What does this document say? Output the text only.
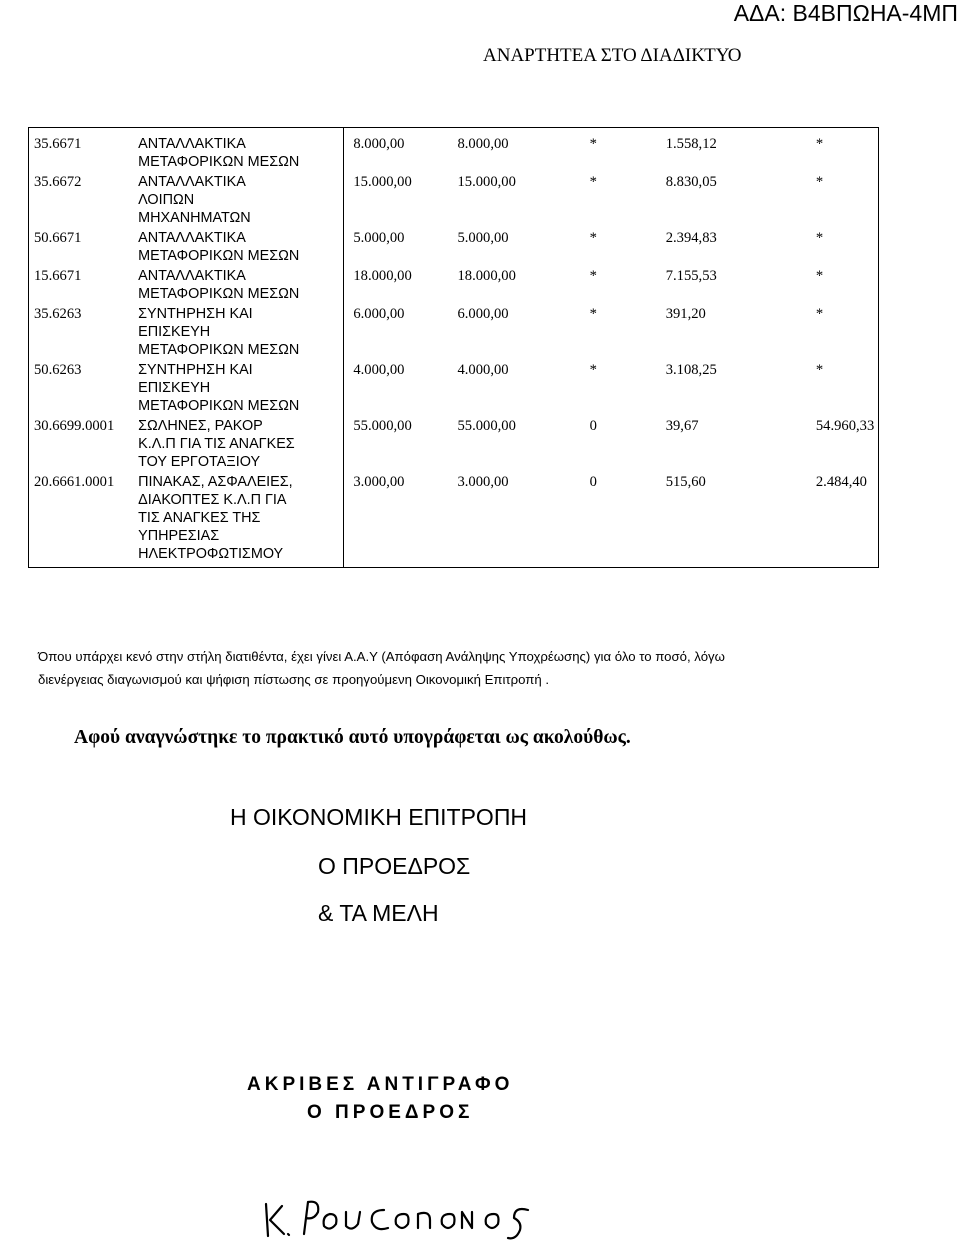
ΑΔΑ: Β4ΒΠΩΗΑ-4ΜΠ
ΑΝΑΡΤΗΤΕΑ ΣΤΟ ΔΙΑΔΙΚΤΥΟ
35.6671	ΑΝΤΑΛΛΑΚΤΙΚΑ
ΜΕΤΑΦΟΡΙΚΩΝ ΜΕΣΩΝ	8.000,00	8.000,00	*	1.558,12	*
35.6672	ΑΝΤΑΛΛΑΚΤΙΚΑ
ΛΟΙΠΩΝ
ΜΗΧΑΝΗΜΑΤΩΝ	15.000,00	15.000,00	*	8.830,05	*
50.6671	ΑΝΤΑΛΛΑΚΤΙΚΑ
ΜΕΤΑΦΟΡΙΚΩΝ ΜΕΣΩΝ	5.000,00	5.000,00	*	2.394,83	*
15.6671	ΑΝΤΑΛΛΑΚΤΙΚΑ
ΜΕΤΑΦΟΡΙΚΩΝ ΜΕΣΩΝ	18.000,00	18.000,00	*	7.155,53	*
35.6263	ΣΥΝΤΗΡΗΣΗ ΚΑΙ
ΕΠΙΣΚΕΥΗ
ΜΕΤΑΦΟΡΙΚΩΝ ΜΕΣΩΝ	6.000,00	6.000,00	*	391,20	*
50.6263	ΣΥΝΤΗΡΗΣΗ ΚΑΙ
ΕΠΙΣΚΕΥΗ
ΜΕΤΑΦΟΡΙΚΩΝ ΜΕΣΩΝ	4.000,00	4.000,00	*	3.108,25	*
30.6699.0001	ΣΩΛΗΝΕΣ, ΡΑΚΟΡ
Κ.Λ.Π ΓΙΑ ΤΙΣ ΑΝΑΓΚΕΣ
ΤΟΥ ΕΡΓΟΤΑΞΙΟΥ	55.000,00	55.000,00	0	39,67	54.960,33
20.6661.0001	ΠΙΝΑΚΑΣ, ΑΣΦΑΛΕΙΕΣ,
ΔΙΑΚΟΠΤΕΣ Κ.Λ.Π ΓΙΑ
ΤΙΣ ΑΝΑΓΚΕΣ ΤΗΣ
ΥΠΗΡΕΣΙΑΣ
ΗΛΕΚΤΡΟΦΩΤΙΣΜΟΥ	3.000,00	3.000,00	0	515,60	2.484,40
Όπου υπάρχει κενό στην στήλη διατιθέντα, έχει γίνει Α.Α.Υ (Απόφαση Ανάληψης Υποχρέωσης) για όλο το ποσό, λόγω
διενέργειας διαγωνισμού και ψήφιση πίστωσης σε προηγούμενη Οικονομική Επιτροπή .
Αφού αναγνώστηκε το πρακτικό αυτό υπογράφεται ως ακολούθως.
Η ΟΙΚΟΝΟΜΙΚΗ ΕΠΙΤΡΟΠΗ
Ο ΠΡΟΕΔΡΟΣ
& ΤΑ ΜΕΛΗ
ΑΚΡΙΒΕΣ ΑΝΤΙΓΡΑΦΟ
Ο ΠΡΟΕΔΡΟΣ
